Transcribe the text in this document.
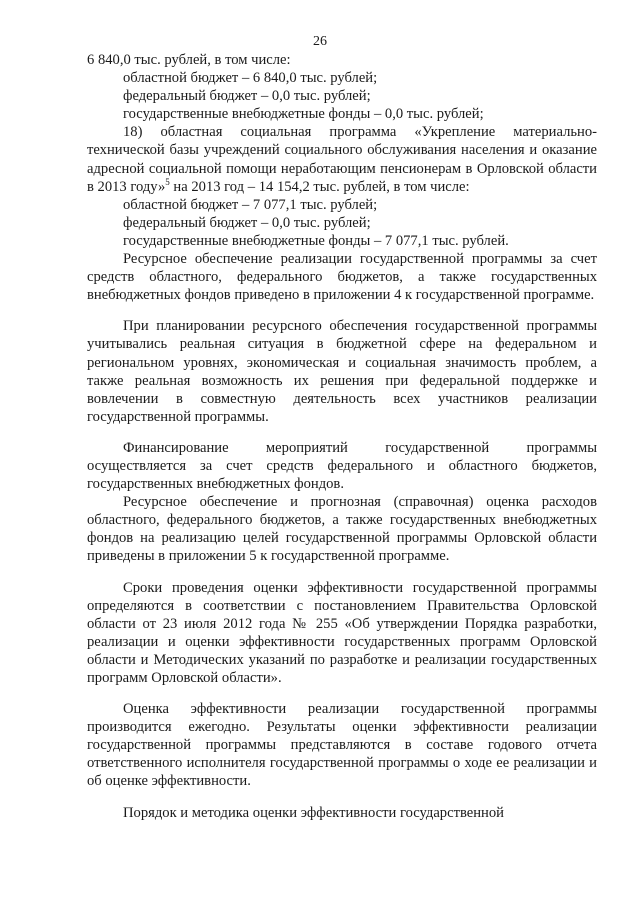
26

6 840,0 тыс. рублей, в том числе:

областной бюджет – 6 840,0 тыс. рублей;

федеральный бюджет – 0,0 тыс. рублей;

государственные внебюджетные фонды – 0,0 тыс. рублей;

18) областная социальная программа «Укрепление материально-технической базы учреждений социального обслуживания населения и оказание адресной социальной помощи неработающим пенсионерам в Орловской области в 2013 году»$^5$ на 2013 год – 14 154,2 тыс. рублей, в том числе:

областной бюджет – 7 077,1 тыс. рублей;

федеральный бюджет – 0,0 тыс. рублей;

государственные внебюджетные фонды – 7 077,1 тыс. рублей.

Ресурсное обеспечение реализации государственной программы за счет средств областного, федерального бюджетов, а также государственных внебюджетных фондов приведено в приложении 4 к государственной программе.

При планировании ресурсного обеспечения государственной программы учитывались реальная ситуация в бюджетной сфере на федеральном и региональном уровнях, экономическая и социальная значимость проблем, а также реальная возможность их решения при федеральной поддержке и вовлечении в совместную деятельность всех участников реализации государственной программы.

Финансирование мероприятий государственной программы осуществляется за счет средств федерального и областного бюджетов, государственных внебюджетных фондов.

Ресурсное обеспечение и прогнозная (справочная) оценка расходов областного, федерального бюджетов, а также государственных внебюджетных фондов на реализацию целей государственной программы Орловской области приведены в приложении 5 к государственной программе.

Сроки проведения оценки эффективности государственной программы определяются в соответствии с постановлением Правительства Орловской области от 23 июля 2012 года № 255 «Об утверждении Порядка разработки, реализации и оценки эффективности государственных программ Орловской области и Методических указаний по разработке и реализации государственных программ Орловской области».

Оценка эффективности реализации государственной программы производится ежегодно. Результаты оценки эффективности реализации государственной программы представляются в составе годового отчета ответственного исполнителя государственной программы о ходе ее реализации и об оценке эффективности.

Порядок и методика оценки эффективности государственной
